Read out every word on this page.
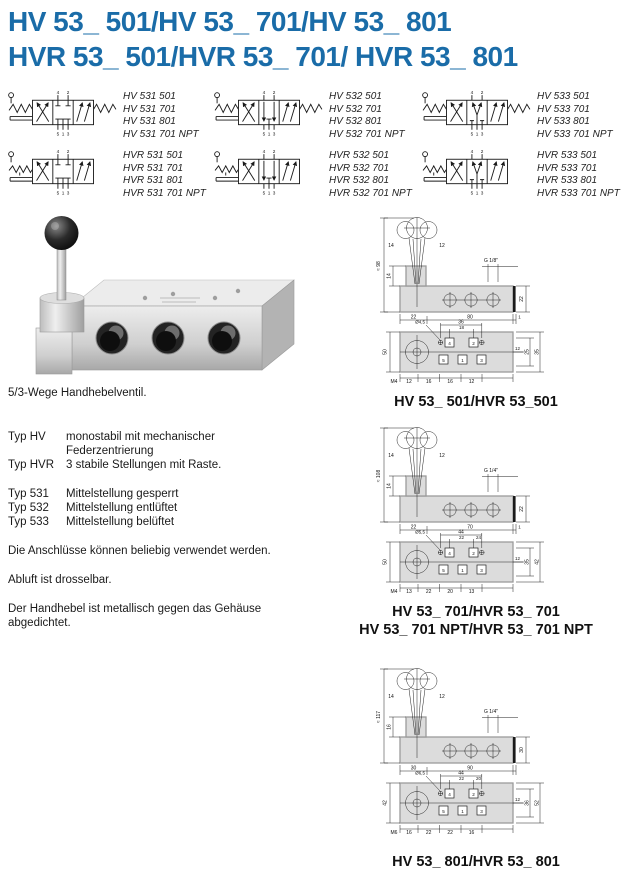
HV 53_ 501/HV 53_ 701/HV 53_ 801
HVR 53_ 501/HVR 53_ 701/ HVR 53_ 801
4 2
5 1 3
HV 531 501
HV 531 701
HV 531 801
HV 531 701 NPT
4 2
5 1 3
HV 532 501
HV 532 701
HV 532 801
HV 532 701 NPT
4 2
5 1 3
HV 533 501
HV 533 701
HV 533 801
HV 533 701 NPT
4 2
5 1 3
HVR 531 501
HVR 531 701
HVR 531 801
HVR 531 701 NPT
4 2
5 1 3
HVR 532 501
HVR 532 701
HVR 532 801
HVR 532 701 NPT
4 2
5 1 3
HVR 533 501
HVR 533 701
HVR 533 801
HVR 533 701 NPT
5/3-Wege Handhebelventil.
Typ HV	monostabil mit mechanischer
Federzentrierung
Typ HVR	3 stabile Stellungen mit Raste.
Typ 531	Mittelstellung gesperrt
Typ 532	Mittelstellung entlüftet
Typ 533	Mittelstellung belüftet
Die Anschlüsse können beliebig verwendet werden.
Abluft ist drosselbar.
Der Handhebel ist metallisch gegen das Gehäuse
abgedichtet.
14	12
≈ 98
14
G 1/8"
22
22	80	1
36
18
Ø4,5
12
25 35
50
M4 12	16	16	12
4	2
5	1	3
HV 53_ 501/HVR 53_501
14	12
≈ 108
14
G 1/4"
22
22	70	1
44
22	24
Ø5,5
12
35 42
50
M4 13	22	20	13
4	2
5	1	3
HV 53_ 701/HVR 53_ 701
HV 53_ 701 NPT/HVR 53_ 701 NPT
14	12
≈ 117
16
G 1/4"
30
30	90
44
22	20
Ø6,5
12
36 52
42
M6 16	22	22	16
4	2
5	1	3
HV 53_ 801/HVR 53_ 801
